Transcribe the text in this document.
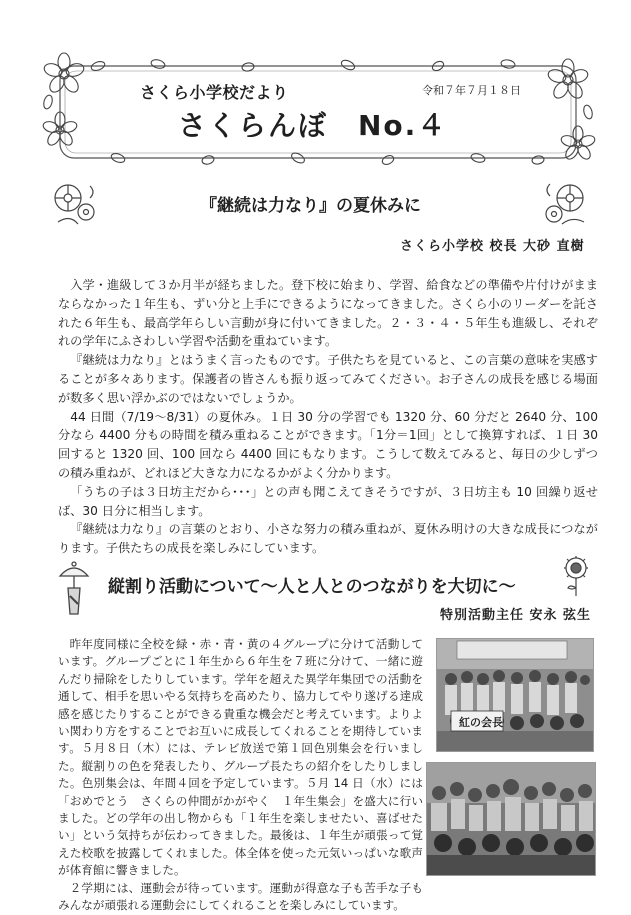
さくら小学校だより	令和７年７月１８日
さくらんぼ　No.４
『継続は力なり』の夏休みに
さくら小学校 校長 大砂 直樹

入学・進級して３か月半が経ちました。登下校に始まり、学習、給食などの準備や片付けがままならなかった１年生も、ずい分と上手にできるようになってきました。さくら小のリーダーを託された６年生も、最高学年らしい言動が身に付いてきました。２・３・４・５年生も進級し、それぞれの学年にふさわしい学習や活動を重ねています。

『継続は力なり』とはうまく言ったものです。子供たちを見ていると、この言葉の意味を実感することが多々あります。保護者の皆さんも振り返ってみてください。お子さんの成長を感じる場面が数多く思い浮かぶのではないでしょうか。

44 日間（7/19～8/31）の夏休み。１日 30 分の学習でも 1320 分、60 分だと 2640 分、100 分なら 4400 分もの時間を積み重ねることができます。「1分＝1回」として換算すれば、１日 30回すると 1320 回、100 回なら 4400 回にもなります。こうして数えてみると、毎日の少しずつの積み重ねが、どれほど大きな力になるかがよく分かります。

「うちの子は３日坊主だから･･･」との声も聞こえてきそうですが、３日坊主も 10 回繰り返せば、30 日分に相当します。

『継続は力なり』の言葉のとおり、小さな努力の積み重ねが、夏休み明けの大きな成長につながります。子供たちの成長を楽しみにしています。

縦割り活動について～人と人とのつながりを大切に～
特別活動主任 安永 弦生

昨年度同様に全校を緑・赤・青・黄の４グループに分けて活動しています。グループごとに１年生から６年生を７班に分けて、一緒に遊んだり掃除をしたりしています。学年を超えた異学年集団での活動を通して、相手を思いやる気持ちを高めたり、協力してやり遂げる達成感を感じたりすることができる貴重な機会だと考えています。よりよい関わり方をすることでお互いに成長してくれることを期待しています。５月８日（木）には、テレビ放送で第１回色別集会を行いました。縦割りの色を発表したり、グループ長たちの紹介をしたりしました。色別集会は、年間４回を予定しています。５月 14 日（水）には「おめでとう　さくらの仲間がかがやく　１年生集会」を盛大に行いました。どの学年の出し物からも「１年生を楽しませたい、喜ばせたい」という気持ちが伝わってきました。最後は、１年生が頑張って覚えた校歌を披露してくれました。体全体を使った元気いっぱいな歌声が体育館に響きました。

２学期には、運動会が待っています。運動が得意な子も苦手な子もみんなが頑張れる運動会にしてくれることを楽しみにしています。

紅の会長
